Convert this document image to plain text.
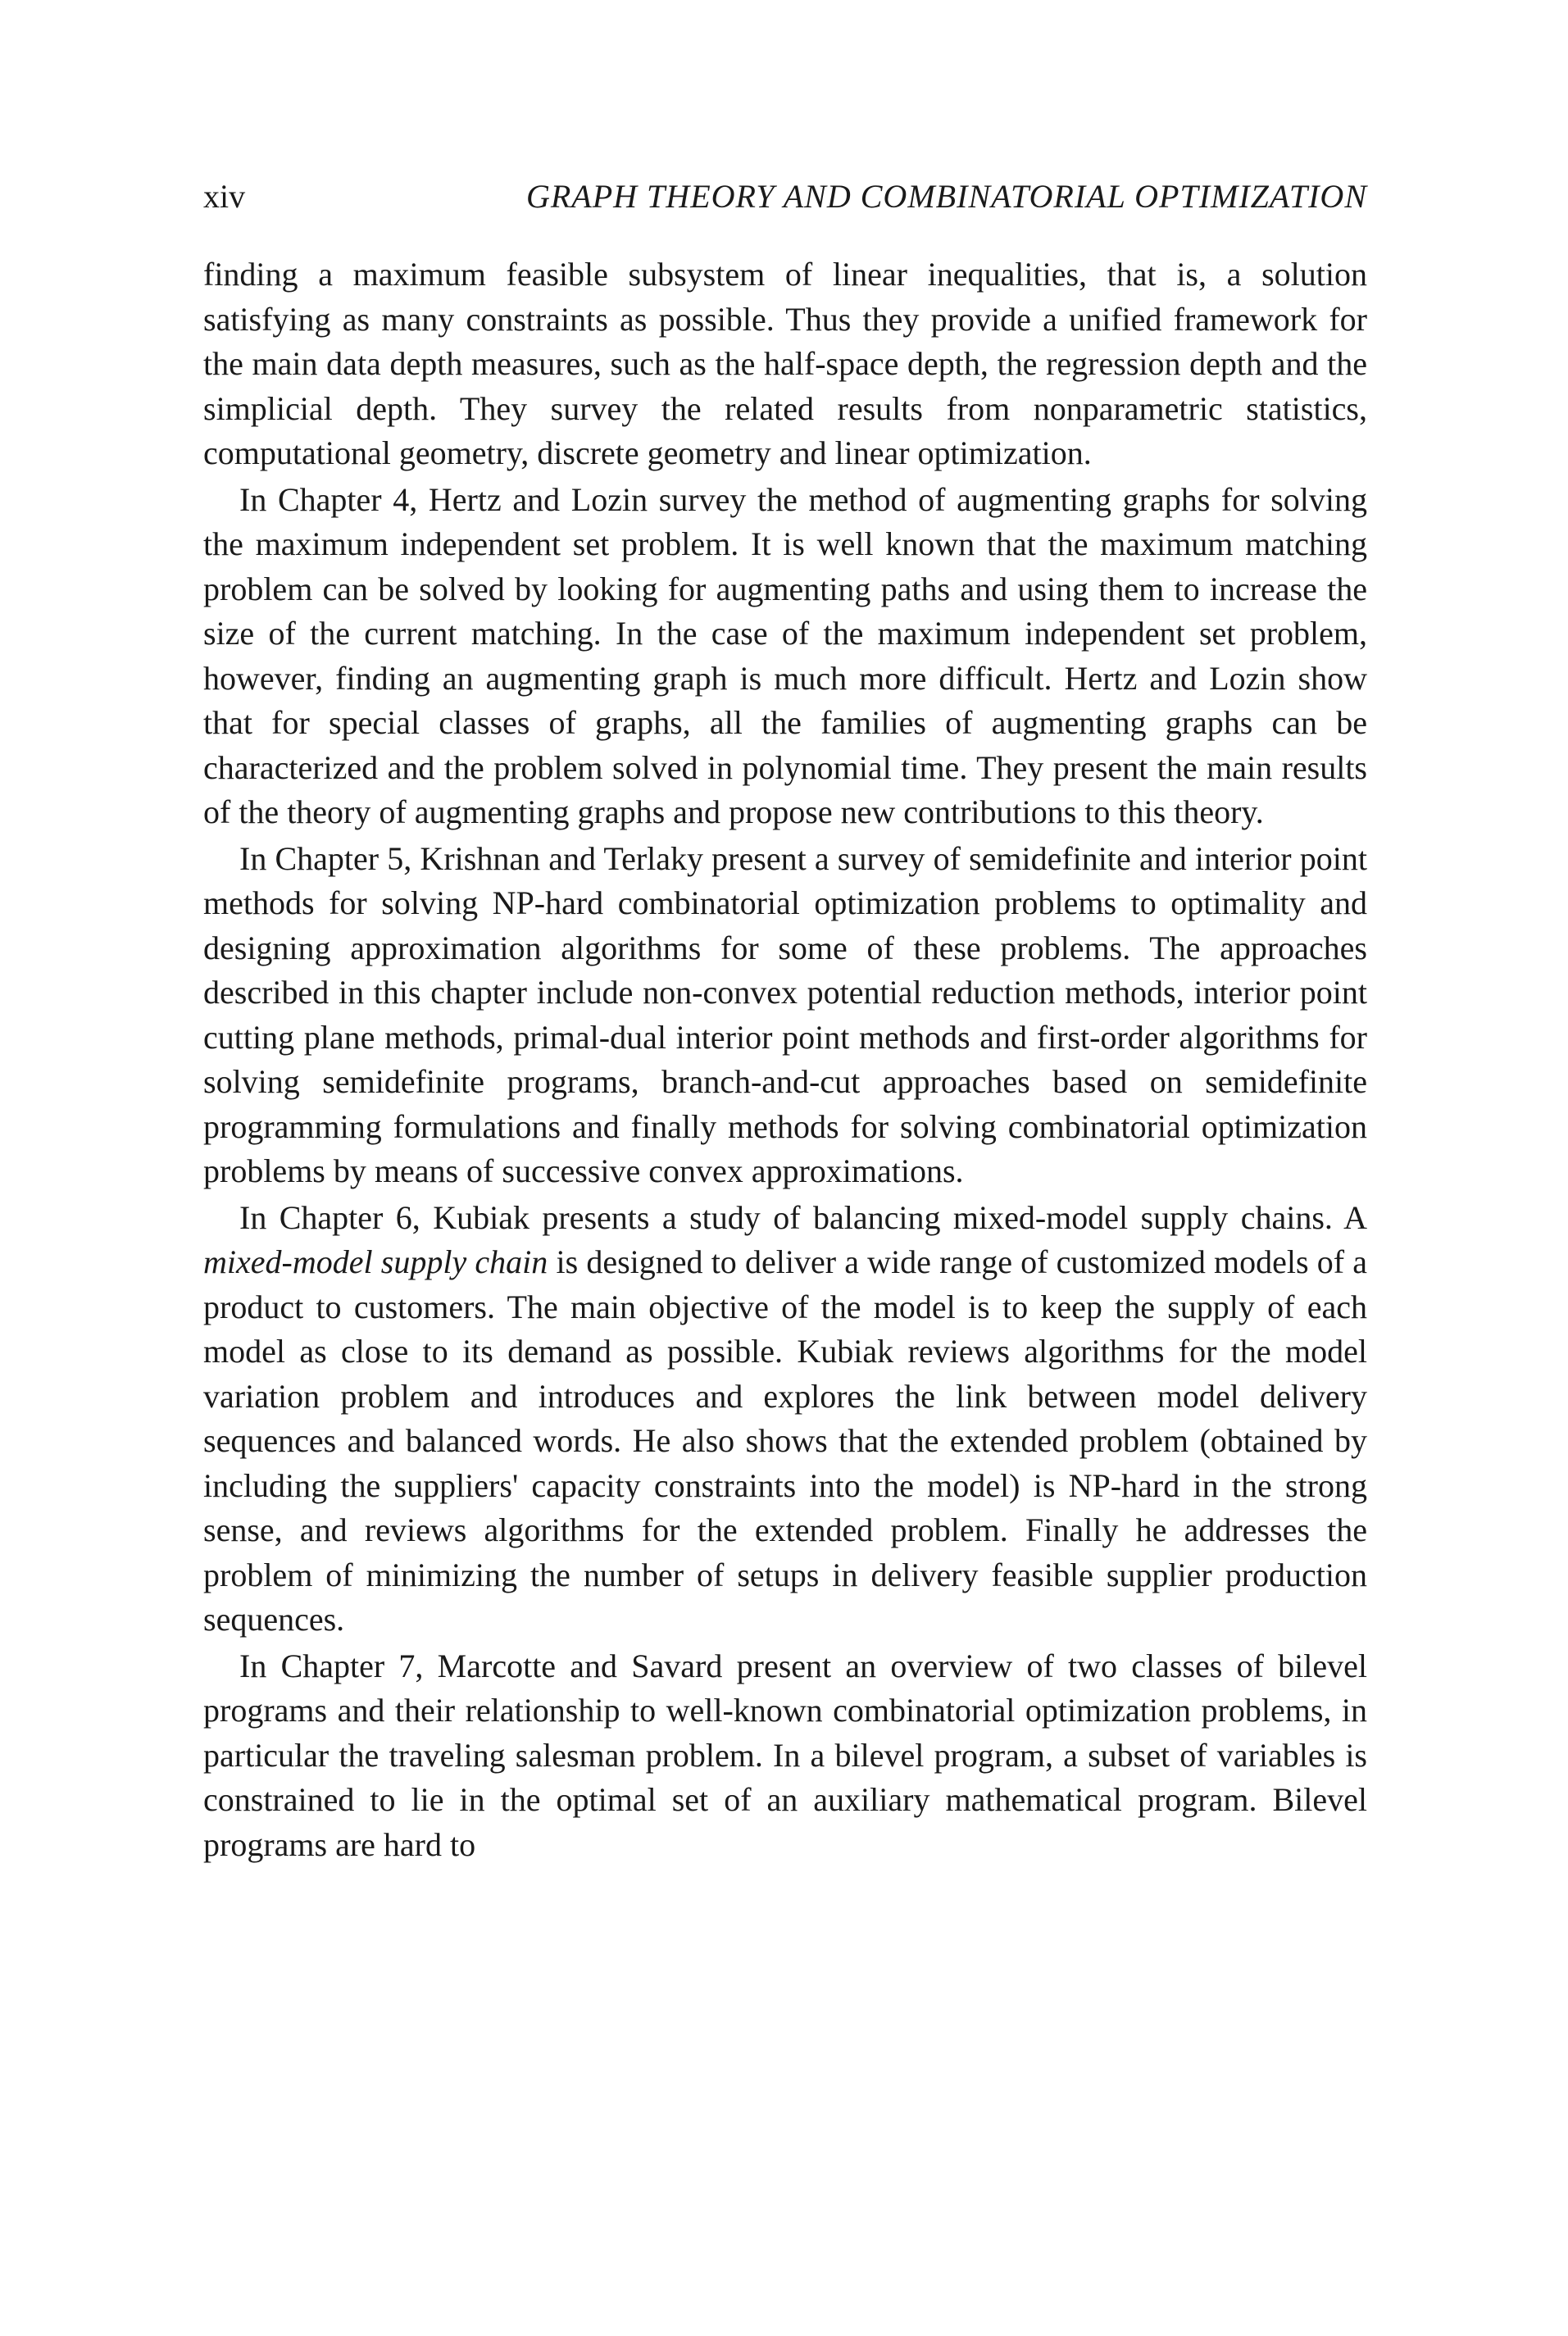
xiv	GRAPH THEORY AND COMBINATORIAL OPTIMIZATION

finding a maximum feasible subsystem of linear inequalities, that is, a solution satisfying as many constraints as possible. Thus they provide a unified framework for the main data depth measures, such as the half-space depth, the regression depth and the simplicial depth. They survey the related results from nonparametric statistics, computational geometry, discrete geometry and linear optimization.

In Chapter 4, Hertz and Lozin survey the method of augmenting graphs for solving the maximum independent set problem. It is well known that the maximum matching problem can be solved by looking for augmenting paths and using them to increase the size of the current matching. In the case of the maximum independent set problem, however, finding an augmenting graph is much more difficult. Hertz and Lozin show that for special classes of graphs, all the families of augmenting graphs can be characterized and the problem solved in polynomial time. They present the main results of the theory of augmenting graphs and propose new contributions to this theory.

In Chapter 5, Krishnan and Terlaky present a survey of semidefinite and interior point methods for solving NP-hard combinatorial optimization problems to optimality and designing approximation algorithms for some of these problems. The approaches described in this chapter include non-convex potential reduction methods, interior point cutting plane methods, primal-dual interior point methods and first-order algorithms for solving semidefinite programs, branch-and-cut approaches based on semidefinite programming formulations and finally methods for solving combinatorial optimization problems by means of successive convex approximations.

In Chapter 6, Kubiak presents a study of balancing mixed-model supply chains. A mixed-model supply chain is designed to deliver a wide range of customized models of a product to customers. The main objective of the model is to keep the supply of each model as close to its demand as possible. Kubiak reviews algorithms for the model variation problem and introduces and explores the link between model delivery sequences and balanced words. He also shows that the extended problem (obtained by including the suppliers' capacity constraints into the model) is NP-hard in the strong sense, and reviews algorithms for the extended problem. Finally he addresses the problem of minimizing the number of setups in delivery feasible supplier production sequences.

In Chapter 7, Marcotte and Savard present an overview of two classes of bilevel programs and their relationship to well-known combinatorial optimization problems, in particular the traveling salesman problem. In a bilevel program, a subset of variables is constrained to lie in the optimal set of an auxiliary mathematical program. Bilevel programs are hard to
